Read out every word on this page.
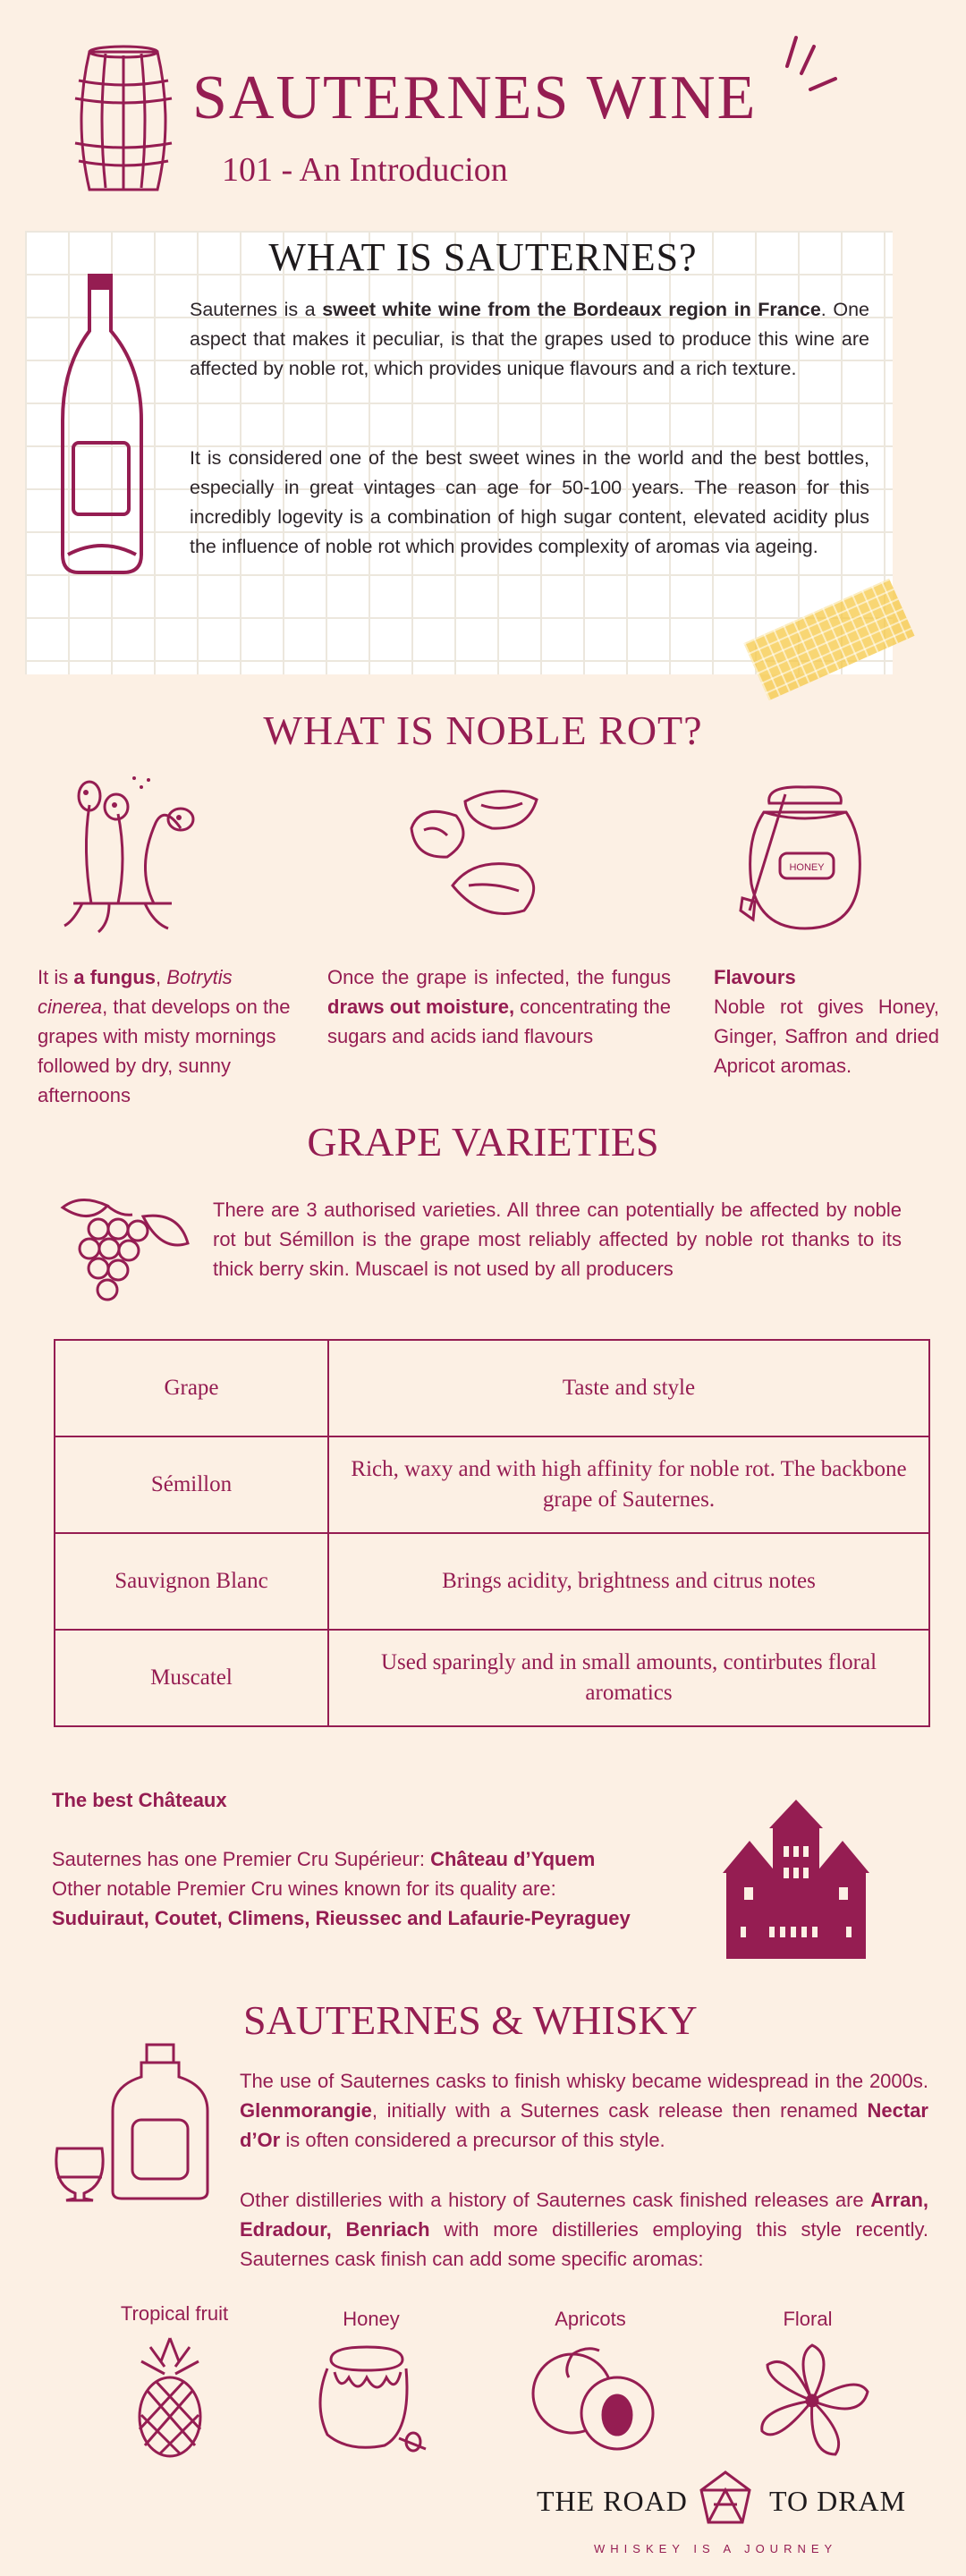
SAUTERNES WINE
101 - An Introducion
WHAT IS SAUTERNES?
Sauternes is a sweet white wine from the Bordeaux region in France. One aspect that makes it peculiar, is that the grapes used to produce this wine are affected by noble rot, which provides unique flavours and a rich texture.
It is considered one of the best sweet wines in the world and the best bottles, especially in great vintages can age for 50-100 years. The reason for this incredibly logevity is a combination of high sugar content, elevated acidity plus the influence of noble rot which provides complexity of aromas via ageing.
WHAT IS NOBLE ROT?
HONEY
It is a fungus, Botrytis cinerea, that develops on the grapes with misty mornings followed by dry, sunny afternoons
Once the grape is infected, the fungus draws out moisture, concentrating the sugars and acids iand flavours
Flavours
Noble rot gives Honey, Ginger, Saffron and dried Apricot aromas.
GRAPE VARIETIES
There are 3 authorised varieties. All three can potentially be affected by noble rot but Sémillon is the grape most reliably affected by noble rot thanks to its thick berry skin. Muscael is not used by all producers
Grape	Taste and style
Sémillon	Rich, waxy and with high affinity for noble rot. The backbone grape of Sauternes.
Sauvignon Blanc	Brings acidity, brightness and citrus notes
Muscatel	Used sparingly and in small amounts, contirbutes floral aromatics
The best Châteaux
Sauternes has one Premier Cru Supérieur: Château d’Yquem
Other notable Premier Cru wines known for its quality are:
Suduiraut, Coutet, Climens, Rieussec and Lafaurie-Peyraguey
SAUTERNES & WHISKY
The use of Sauternes casks to finish whisky became widespread in the 2000s. Glenmorangie, initially with a Suternes cask release then renamed Nectar d’Or is often considered a precursor of this style.
Other distilleries with a history of Sauternes cask finished releases are Arran, Edradour, Benriach with more distilleries employing this style recently. Sauternes cask finish can add some specific aromas:
Tropical fruit	Honey	Apricots	Floral
THE ROAD	TO DRAM
WHISKEY IS A JOURNEY
